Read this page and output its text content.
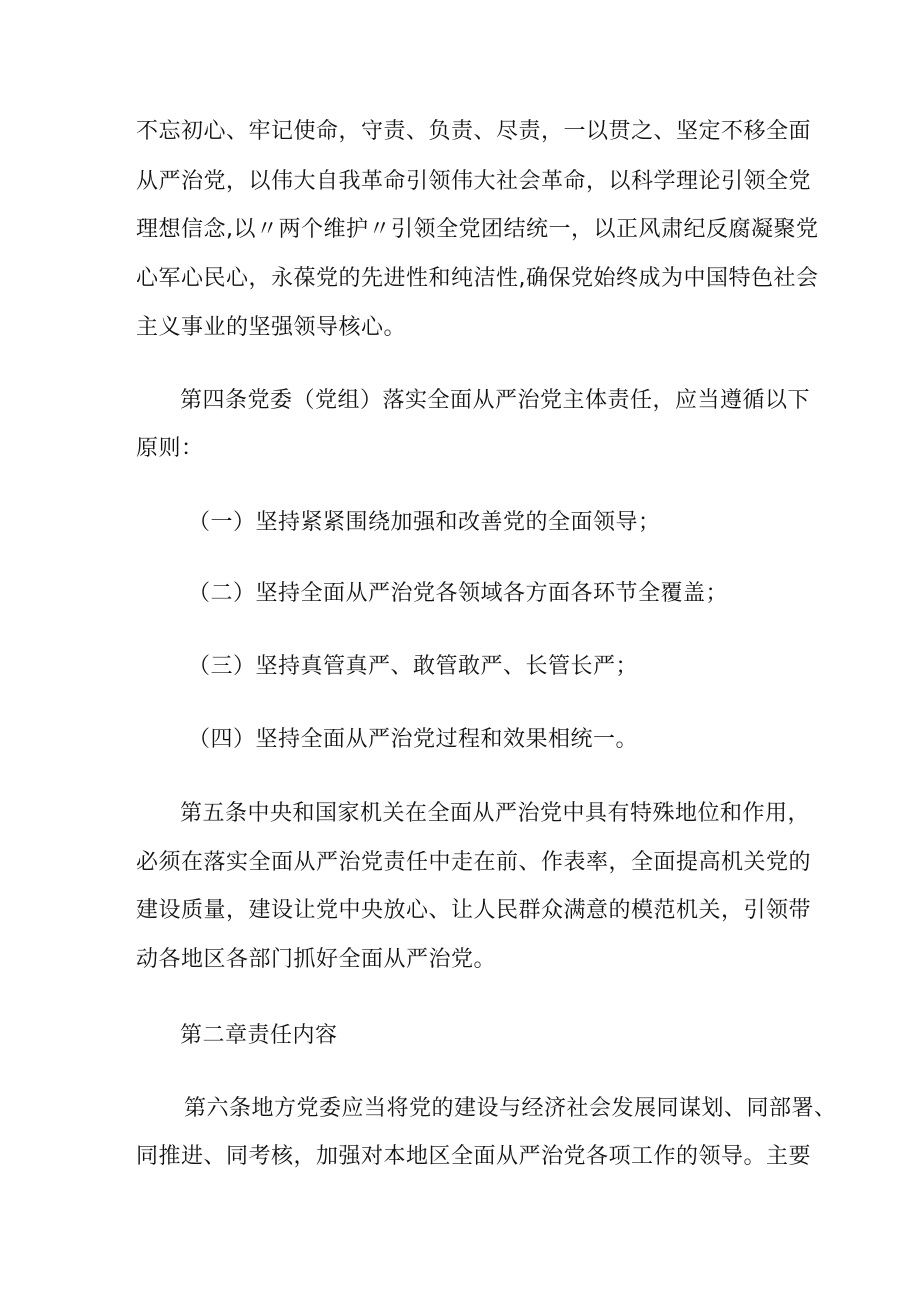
不忘初心、牢记使命，守责、负责、尽责，一以贯之、坚定不移全面
从严治党，以伟大自我革命引领伟大社会革命，以科学理论引领全党
理想信念,以〃两个维护〃引领全党团结统一，以正风肃纪反腐凝聚党
心军心民心，永葆党的先进性和纯洁性,确保党始终成为中国特色社会
主义事业的坚强领导核心。
第四条党委（党组）落实全面从严治党主体责任，应当遵循以下
原则：
（一）坚持紧紧围绕加强和改善党的全面领导；
（二）坚持全面从严治党各领域各方面各环节全覆盖；
（三）坚持真管真严、敢管敢严、长管长严；
（四）坚持全面从严治党过程和效果相统一。
第五条中央和国家机关在全面从严治党中具有特殊地位和作用，
必须在落实全面从严治党责任中走在前、作表率，全面提高机关党的
建设质量，建设让党中央放心、让人民群众满意的模范机关，引领带
动各地区各部门抓好全面从严治党。
第二章责任内容
第六条地方党委应当将党的建设与经济社会发展同谋划、同部署、
同推进、同考核，加强对本地区全面从严治党各项工作的领导。主要
